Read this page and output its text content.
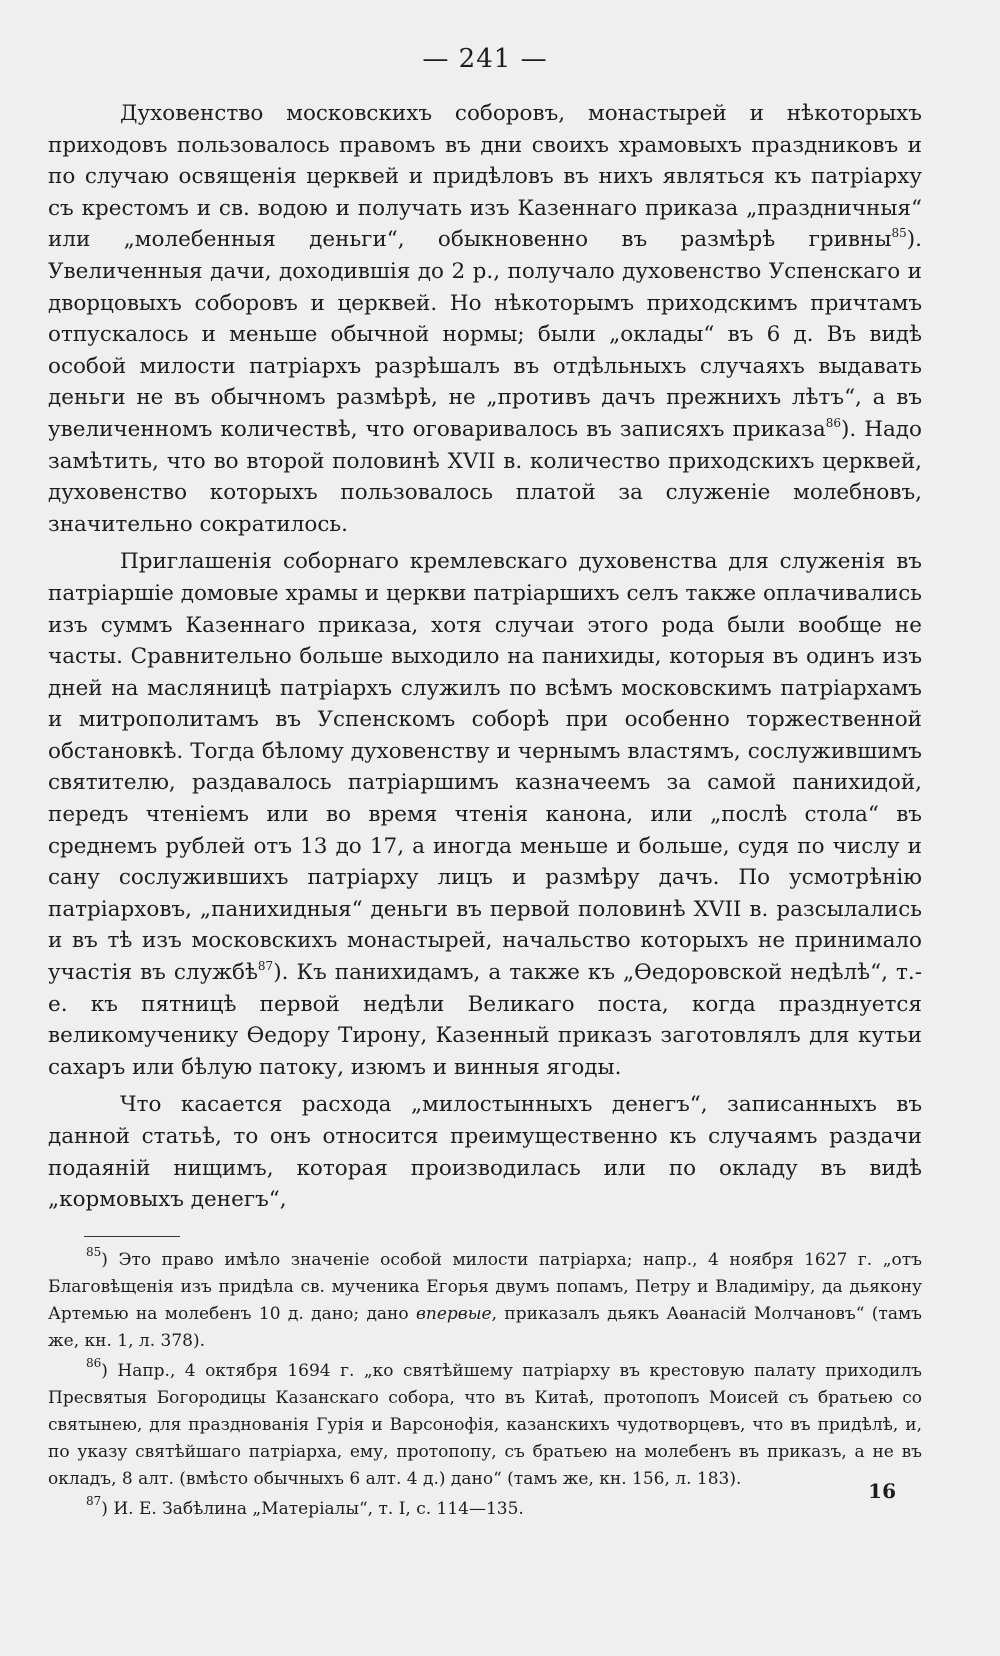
— 241 —

Духовенство московскихъ соборовъ, монастырей и нѣкоторыхъ приходовъ пользовалось правомъ въ дни своихъ храмовыхъ праздниковъ и по случаю освященія церквей и придѣловъ въ нихъ являться къ патріарху съ крестомъ и св. водою и получать изъ Казеннаго приказа „праздничныя“ или „молебенныя деньги“, обыкновенно въ размѣрѣ гривны$^{85}$). Увеличенныя дачи, доходившія до 2 р., получало духовенство Успенскаго и дворцовыхъ соборовъ и церквей. Но нѣкоторымъ приходскимъ причтамъ отпускалось и меньше обычной нормы; были „оклады“ въ 6 д. Въ видѣ особой милости патріархъ разрѣшалъ въ отдѣльныхъ случаяхъ выдавать деньги не въ обычномъ размѣрѣ, не „противъ дачъ прежнихъ лѣтъ“, а въ увеличенномъ количествѣ, что оговаривалось въ записяхъ приказа$^{86}$). Надо замѣтить, что во второй половинѣ XVII в. количество приходскихъ церквей, духовенство которыхъ пользовалось платой за служеніе молебновъ, значительно сократилось.

Приглашенія соборнаго кремлевскаго духовенства для служенія въ патріаршіе домовые храмы и церкви патріаршихъ селъ также оплачивались изъ суммъ Казеннаго приказа, хотя случаи этого рода были вообще не часты. Сравнительно больше выходило на панихиды, которыя въ одинъ изъ дней на масляницѣ патріархъ служилъ по всѣмъ московскимъ патріархамъ и митрополитамъ въ Успенскомъ соборѣ при особенно торжественной обстановкѣ. Тогда бѣлому духовенству и чернымъ властямъ, сослужившимъ святителю, раздавалось патріаршимъ казначеемъ за самой панихидой, передъ чтеніемъ или во время чтенія канона, или „послѣ стола“ въ среднемъ рублей отъ 13 до 17, а иногда меньше и больше, судя по числу и сану сослужившихъ патріарху лицъ и размѣру дачъ. По усмотрѣнію патріарховъ, „панихидныя“ деньги въ первой половинѣ XVII в. разсылались и въ тѣ изъ московскихъ монастырей, начальство которыхъ не принимало участія въ службѣ$^{87}$). Къ панихидамъ, а также къ „Ѳедоровской недѣлѣ“, т.-е. къ пятницѣ первой недѣли Великаго поста, когда празднуется великомученику Ѳедору Тирону, Казенный приказъ заготовлялъ для кутьи сахаръ или бѣлую патоку, изюмъ и винныя ягоды.

Что касается расхода „милостынныхъ денегъ“, записанныхъ въ данной статьѣ, то онъ относится преимущественно къ случаямъ раздачи подаяній нищимъ, которая производилась или по окладу въ видѣ „кормовыхъ денегъ“,

$^{85}$) Это право имѣло значеніе особой милости патріарха; напр., 4 ноября 1627 г. „отъ Благовѣщенія изъ придѣла св. мученика Егорья двумъ попамъ, Петру и Владиміру, да дьякону Артемью на молебенъ 10 д. дано; дано впервые, приказалъ дьякъ Аѳанасій Молчановъ“ (тамъ же, кн. 1, л. 378).

$^{86}$) Напр., 4 октября 1694 г. „ко святѣйшему патріарху въ крестовую палату приходилъ Пресвятыя Богородицы Казанскаго собора, что въ Китаѣ, протопопъ Моисей съ братьею со святынею, для празднованія Гурія и Варсонофія, казанскихъ чудотворцевъ, что въ придѣлѣ, и, по указу святѣйшаго патріарха, ему, протопопу, съ братьею на молебенъ въ приказъ, а не въ окладъ, 8 алт. (вмѣсто обычныхъ 6 алт. 4 д.) дано“ (тамъ же, кн. 156, л. 183).

$^{87}$) И. Е. Забѣлина „Матеріалы“, т. I, с. 114—135.

16
